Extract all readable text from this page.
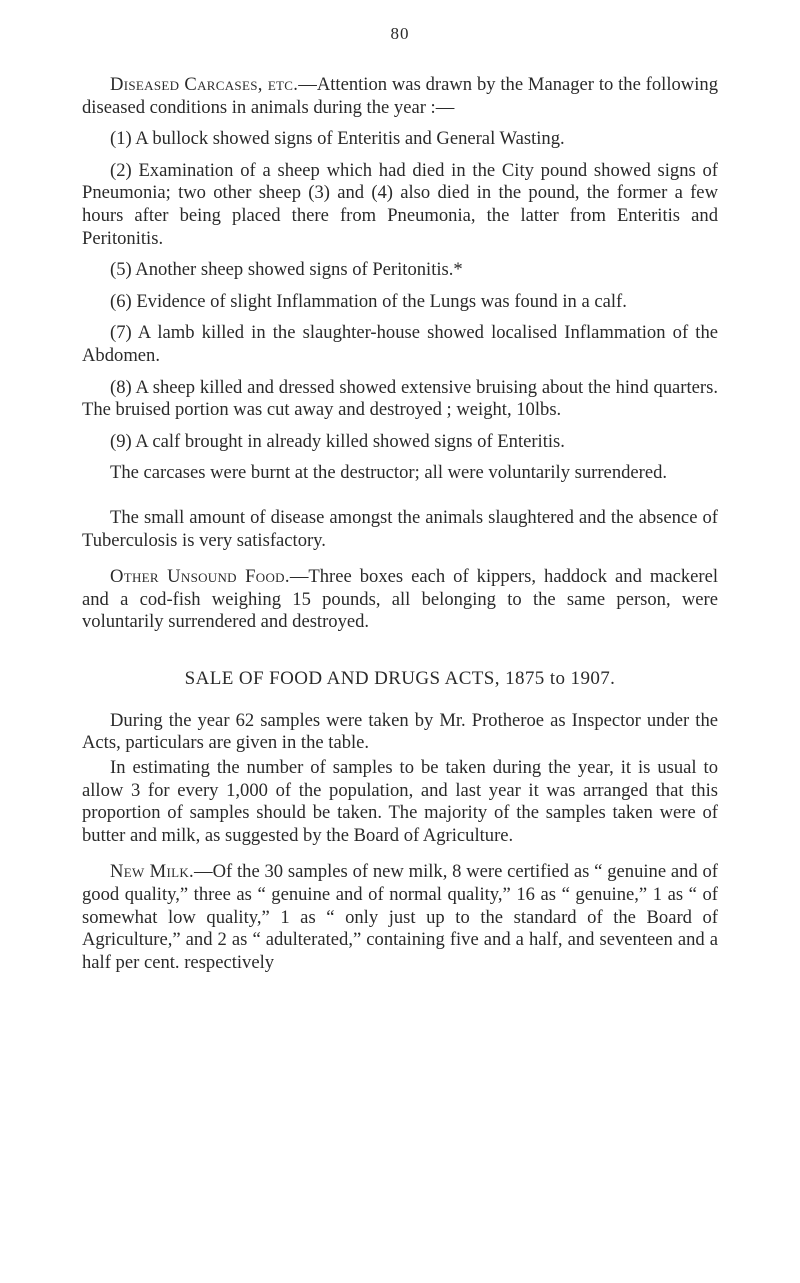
80

Diseased Carcases, etc.—Attention was drawn by the Manager to the following diseased conditions in animals during the year :—

(1) A bullock showed signs of Enteritis and General Wasting.

(2) Examination of a sheep which had died in the City pound showed signs of Pneumonia; two other sheep (3) and (4) also died in the pound, the former a few hours after being placed there from Pneumonia, the latter from Enteritis and Peritonitis.

(5) Another sheep showed signs of Peritonitis.*

(6) Evidence of slight Inflammation of the Lungs was found in a calf.

(7) A lamb killed in the slaughter-house showed localised Inflammation of the Abdomen.

(8) A sheep killed and dressed showed extensive bruising about the hind quarters. The bruised portion was cut away and destroyed ; weight, 10lbs.

(9) A calf brought in already killed showed signs of Enteritis.

The carcases were burnt at the destructor; all were voluntarily surrendered.

The small amount of disease amongst the animals slaughtered and the absence of Tuberculosis is very satisfactory.

Other Unsound Food.—Three boxes each of kippers, haddock and mackerel and a cod-fish weighing 15 pounds, all belonging to the same person, were voluntarily surrendered and destroyed.

SALE OF FOOD AND DRUGS ACTS, 1875 to 1907.

During the year 62 samples were taken by Mr. Protheroe as Inspector under the Acts, particulars are given in the table.

In estimating the number of samples to be taken during the year, it is usual to allow 3 for every 1,000 of the population, and last year it was arranged that this proportion of samples should be taken. The majority of the samples taken were of butter and milk, as suggested by the Board of Agriculture.

New Milk.—Of the 30 samples of new milk, 8 were certified as “ genuine and of good quality,” three as “ genuine and of normal quality,” 16 as “ genuine,” 1 as “ of somewhat low quality,” 1 as “ only just up to the standard of the Board of Agriculture,” and 2 as “ adulterated,” containing five and a half, and seventeen and a half per cent. respectively
